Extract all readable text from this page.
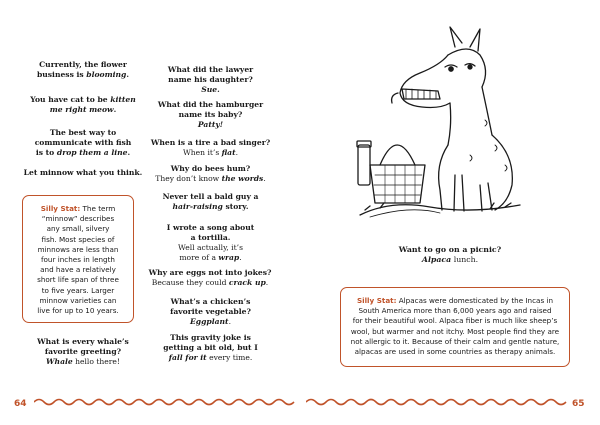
Currently, the flower
business is blooming.
You have cat to be kitten
me right meow.
The best way to
communicate with fish
is to drop them a line.
Let minnow what you think.
Silly Stat: The term
“minnow” describes
any small, silvery
fish. Most species of
minnows are less than
four inches in length
and have a relatively
short life span of three
to five years. Larger
minnow varieties can
live for up to 10 years.
What is every whale’s
favorite greeting?
Whale hello there!
What did the lawyer
name his daughter?
Sue.
What did the hamburger
name its baby?
Patty!
When is a tire a bad singer?
When it’s flat.
Why do bees hum?
They don’t know the words.
Never tell a bald guy a
hair-raising story.
I wrote a song about
a tortilla.
Well actually, it’s
more of a wrap.
Why are eggs not into jokes?
Because they could crack up.
What’s a chicken’s
favorite vegetable?
Eggplant.
This gravity joke is
getting a bit old, but I
fall for it every time.
64
Want to go on a picnic?
Alpaca lunch.
Silly Stat: Alpacas were domesticated by the Incas in
South America more than 6,000 years ago and raised
for their beautiful wool. Alpaca fiber is much like sheep’s
wool, but warmer and not itchy. Most people find they are
not allergic to it. Because of their calm and gentle nature,
alpacas are used in some countries as therapy animals.
65
